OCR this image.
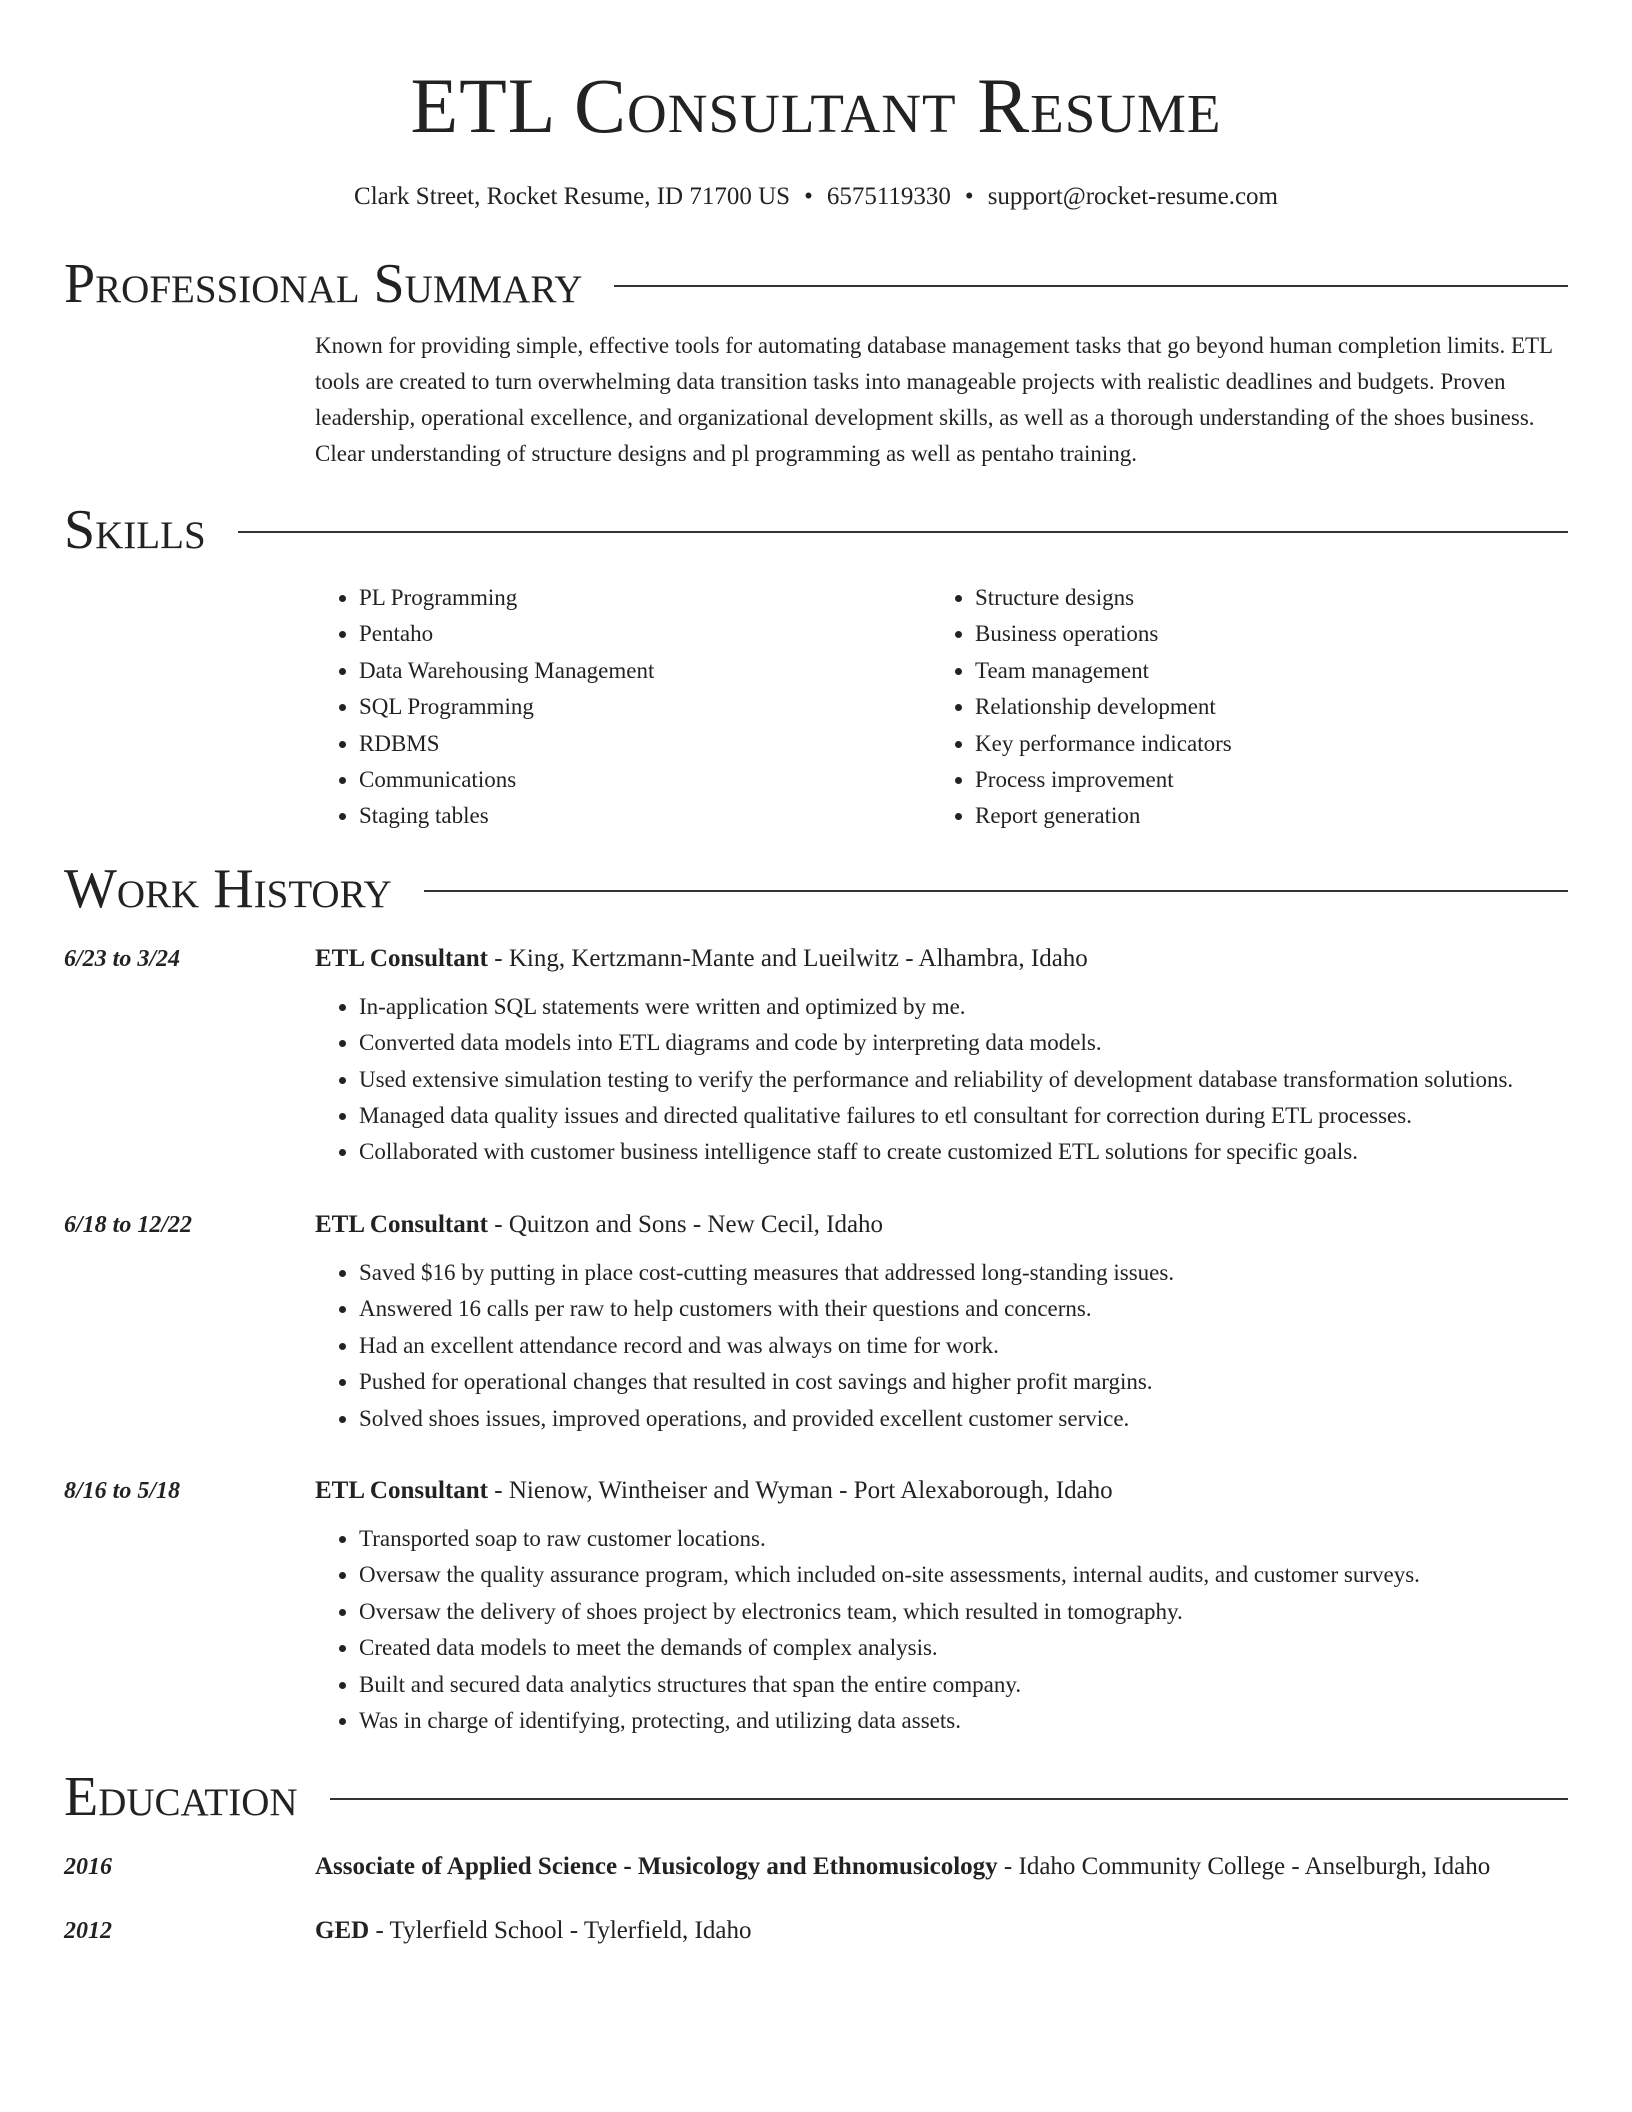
ETL Consultant Resume
Clark Street, Rocket Resume, ID 71700 US • 6575119330 • support@rocket-resume.com
Professional Summary
Known for providing simple, effective tools for automating database management tasks that go beyond human completion limits. ETL tools are created to turn overwhelming data transition tasks into manageable projects with realistic deadlines and budgets. Proven leadership, operational excellence, and organizational development skills, as well as a thorough understanding of the shoes business. Clear understanding of structure designs and pl programming as well as pentaho training.
Skills
• PL Programming
• Pentaho
• Data Warehousing Management
• SQL Programming
• RDBMS
• Communications
• Staging tables
• Structure designs
• Business operations
• Team management
• Relationship development
• Key performance indicators
• Process improvement
• Report generation
Work History
6/23 to 3/24	ETL Consultant - King, Kertzmann-Mante and Lueilwitz - Alhambra, Idaho
• In-application SQL statements were written and optimized by me.
• Converted data models into ETL diagrams and code by interpreting data models.
• Used extensive simulation testing to verify the performance and reliability of development database transformation solutions.
• Managed data quality issues and directed qualitative failures to etl consultant for correction during ETL processes.
• Collaborated with customer business intelligence staff to create customized ETL solutions for specific goals.
6/18 to 12/22	ETL Consultant - Quitzon and Sons - New Cecil, Idaho
• Saved $16 by putting in place cost-cutting measures that addressed long-standing issues.
• Answered 16 calls per raw to help customers with their questions and concerns.
• Had an excellent attendance record and was always on time for work.
• Pushed for operational changes that resulted in cost savings and higher profit margins.
• Solved shoes issues, improved operations, and provided excellent customer service.
8/16 to 5/18	ETL Consultant - Nienow, Wintheiser and Wyman - Port Alexaborough, Idaho
• Transported soap to raw customer locations.
• Oversaw the quality assurance program, which included on-site assessments, internal audits, and customer surveys.
• Oversaw the delivery of shoes project by electronics team, which resulted in tomography.
• Created data models to meet the demands of complex analysis.
• Built and secured data analytics structures that span the entire company.
• Was in charge of identifying, protecting, and utilizing data assets.
Education
2016	Associate of Applied Science - Musicology and Ethnomusicology - Idaho Community College - Anselburgh, Idaho
2012	GED - Tylerfield School - Tylerfield, Idaho
